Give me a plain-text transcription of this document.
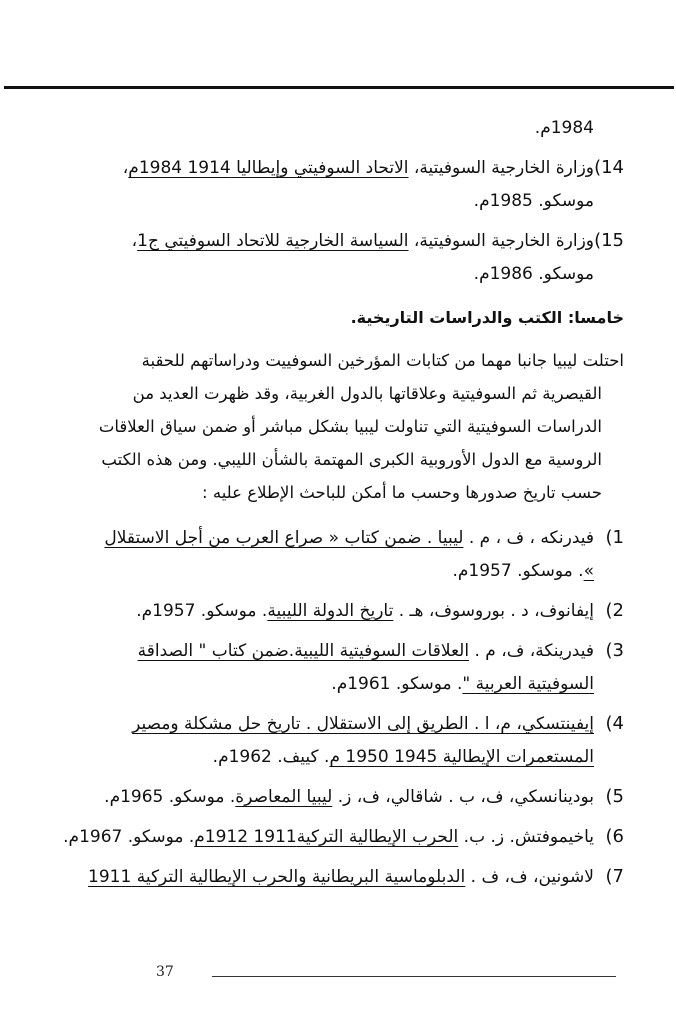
1984م.
14)
وزارة الخارجية السوفيتية، الاتحاد السوفيتي وإيطاليا 1914 1984م،
موسكو. 1985م.
15)
وزارة الخارجية السوفيتية، السياسة الخارجية للاتحاد السوفيتي ج1،
موسكو. 1986م.
خامسا: الكتب والدراسات التاريخية.
احتلت ليبيا جانبا مهما من كتابات المؤرخين السوفييت ودراساتهم للحقبة
القيصرية ثم السوفيتية وعلاقاتها بالدول الغربية، وقد ظهرت العديد من
الدراسات السوفيتية التي تناولت ليبيا بشكل مباشر أو ضمن سياق العلاقات
الروسية مع الدول الأوروبية الكبرى المهتمة بالشأن الليبي. ومن هذه الكتب
حسب تاريخ صدورها وحسب ما أمكن للباحث الإطلاع عليه :
1)
فيدرنكه ، ف ، م . ليبيا . ضمن كتاب « صراع العرب من أجل الاستقلال
». موسكو. 1957م.
2)
إيفانوف، د . بوروسوف، هـ . تاريخ الدولة الليبية. موسكو. 1957م.
3)
فيدرينكة، ف، م . العلاقات السوفيتية الليبية.ضمن كتاب " الصداقة
السوفيتية العربية ". موسكو. 1961م.
4)
إيفينتسكي، م، ا . الطريق إلى الاستقلال . تاريخ حل مشكلة ومصير
المستعمرات الإيطالية 1945 1950 م. كييف. 1962م.
5)
بودينانسكي، ف، ب . شاقالي، ف، ز. ليبيا المعاصرة. موسكو. 1965م.
6)
ياخيموفتش. ز. ب. الحرب الإيطالية التركية1911 1912م. موسكو. 1967م.
7)
لاشونين، ف، ف . الدبلوماسية البريطانية والحرب الإيطالية التركية 1911
37
